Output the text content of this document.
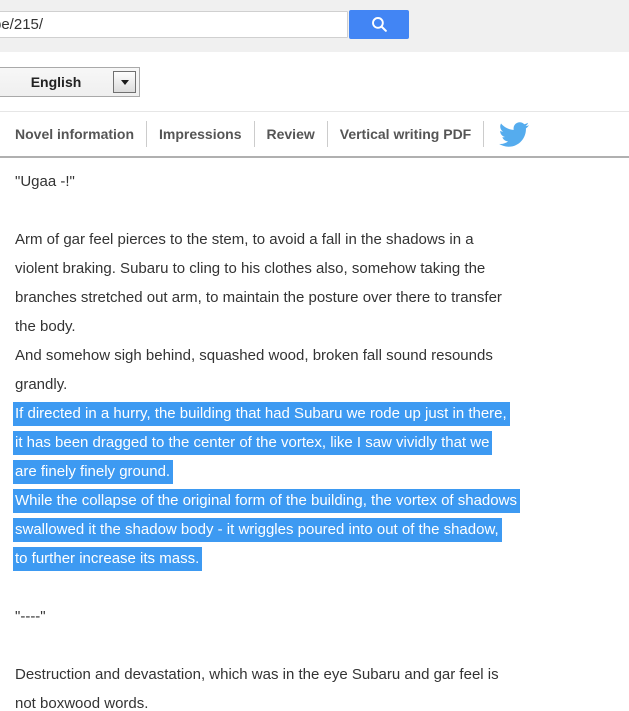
be/215/
English
Novel information	Impressions	Review	Vertical writing PDF
"Ugaa -!"
Arm of gar feel pierces to the stem, to avoid a fall in the shadows in a
violent braking. Subaru to cling to his clothes also, somehow taking the
branches stretched out arm, to maintain the posture over there to transfer
the body.
And somehow sigh behind, squashed wood, broken fall sound resounds
grandly.
If directed in a hurry, the building that had Subaru we rode up just in there,
it has been dragged to the center of the vortex, like I saw vividly that we
are finely finely ground.
While the collapse of the original form of the building, the vortex of shadows
swallowed it the shadow body - it wriggles poured into out of the shadow,
to further increase its mass.
"----"
Destruction and devastation, which was in the eye Subaru and gar feel is
not boxwood words.
